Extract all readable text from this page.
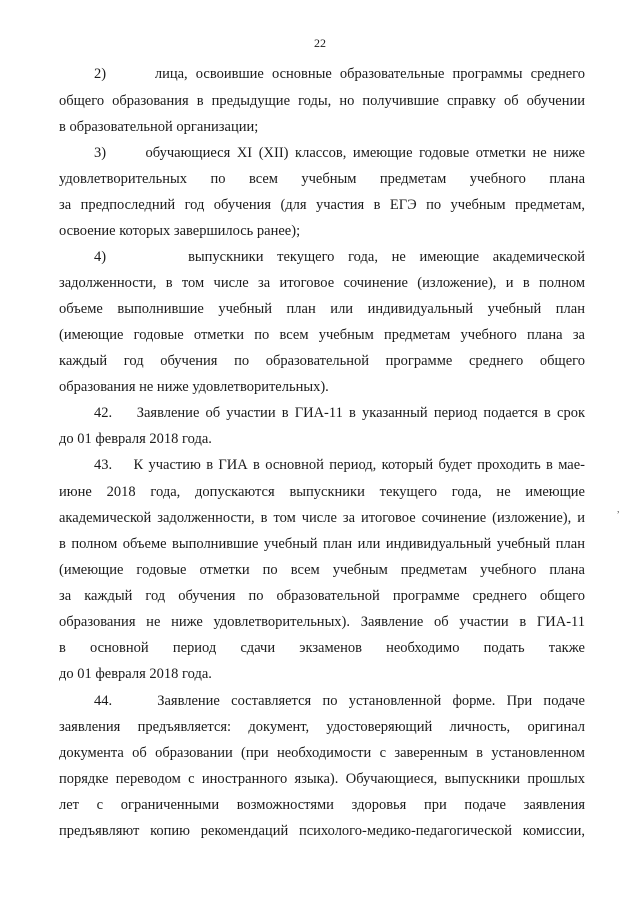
22
2)      лица, освоившие основные образовательные программы среднего
общего образования в предыдущие годы, но получившие справку об обучении
в образовательной организации;
3)      обучающиеся XI (XII) классов, имеющие годовые отметки не ниже
удовлетворительных по всем учебным предметам учебного плана
за предпоследний год обучения (для участия в ЕГЭ по учебным предметам,
освоение которых завершилось ранее);
4)      выпускники текущего года, не имеющие академической
задолженности, в том числе за итоговое сочинение (изложение), и в полном
объеме выполнившие учебный план или индивидуальный учебный план
(имеющие годовые отметки по всем учебным предметам учебного плана за
каждый год обучения по образовательной программе среднего общего
образования не ниже удовлетворительных).
42.    Заявление об участии в ГИА-11 в указанный период подается в срок
до 01 февраля 2018 года.
43.    К участию в ГИА в основной период, который будет проходить в мае-
июне 2018 года, допускаются выпускники текущего года, не имеющие
академической задолженности, в том числе за итоговое сочинение (изложение), и
в полном объеме выполнившие учебный план или индивидуальный учебный план
(имеющие годовые отметки по всем учебным предметам учебного плана
за каждый год обучения по образовательной программе среднего общего
образования не ниже удовлетворительных). Заявление об участии в ГИА-11
в основной период сдачи экзаменов необходимо подать также
до 01 февраля 2018 года.
44.    Заявление составляется по установленной форме. При подаче
заявления предъявляется: документ, удостоверяющий личность, оригинал
документа об образовании (при необходимости с заверенным в установленном
порядке переводом с иностранного языка). Обучающиеся, выпускники прошлых
лет с ограниченными возможностями здоровья при подаче заявления
предъявляют копию рекомендаций психолого-медико-педагогической комиссии,
,
